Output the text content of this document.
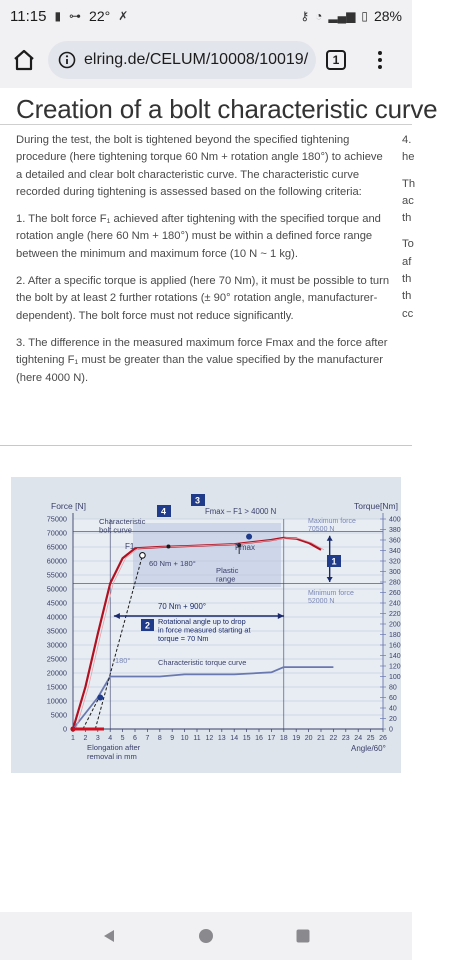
11:15 ▮ ⊶ 22° ✗	⚷ ◔ ▂▄▆ ▯ 28%
elring.de/CELUM/10008/10019/	1
Creation of a bolt characteristic curve

During the test, the bolt is tightened beyond the specified tightening procedure (here tightening torque 60 Nm + rotation angle 180°) to achieve a detailed and clear bolt characteristic curve. The characteristic curve recorded during tightening is assessed based on the following criteria:

1. The bolt force F₁ achieved after tightening with the specified torque and rotation angle (here 60 Nm + 180°) must be within a defined force range between the minimum and maximum force (10 N ~ 1 kg).

2. After a specific torque is applied (here 70 Nm), it must be possible to turn the bolt by at least 2 further rotations (± 90° rotation angle, manufacturer-dependent). The bolt force must not reduce significantly.

3. The difference in the measured maximum force Fmax and the force after tightening F₁ must be greater than the value specified by the manufacturer (here 4000 N).

4.
he
Th
ac
th
To
af
th
th
cc
75000
70000
65000
60000
55000
50000
45000
40000
35000
30000
25000
20000
15000
10000
5000
0
400
380
360
340
320
300
280
260
240
220
200
180
160
140
120
100
80
60
40
20
0
1 2 3 4 5 6 7 8 9 10 11 12 13 14 15 16 17 18 19 20 21 22 23 24 25 26
Force [N]	Torque[Nm]
Angle/60°
Characteristic bolt curve
4
3
Fmax – F1 > 4000 N
F1	Fmax
60 Nm + 180°
Plastic range
Maximum force 70500 N
Minimum force 52000 N
1
70 Nm + 900°
2 Rotational angle up to drop in force measured starting at torque = 70 Nm
180°	Characteristic torque curve
Elongation after removal in mm
